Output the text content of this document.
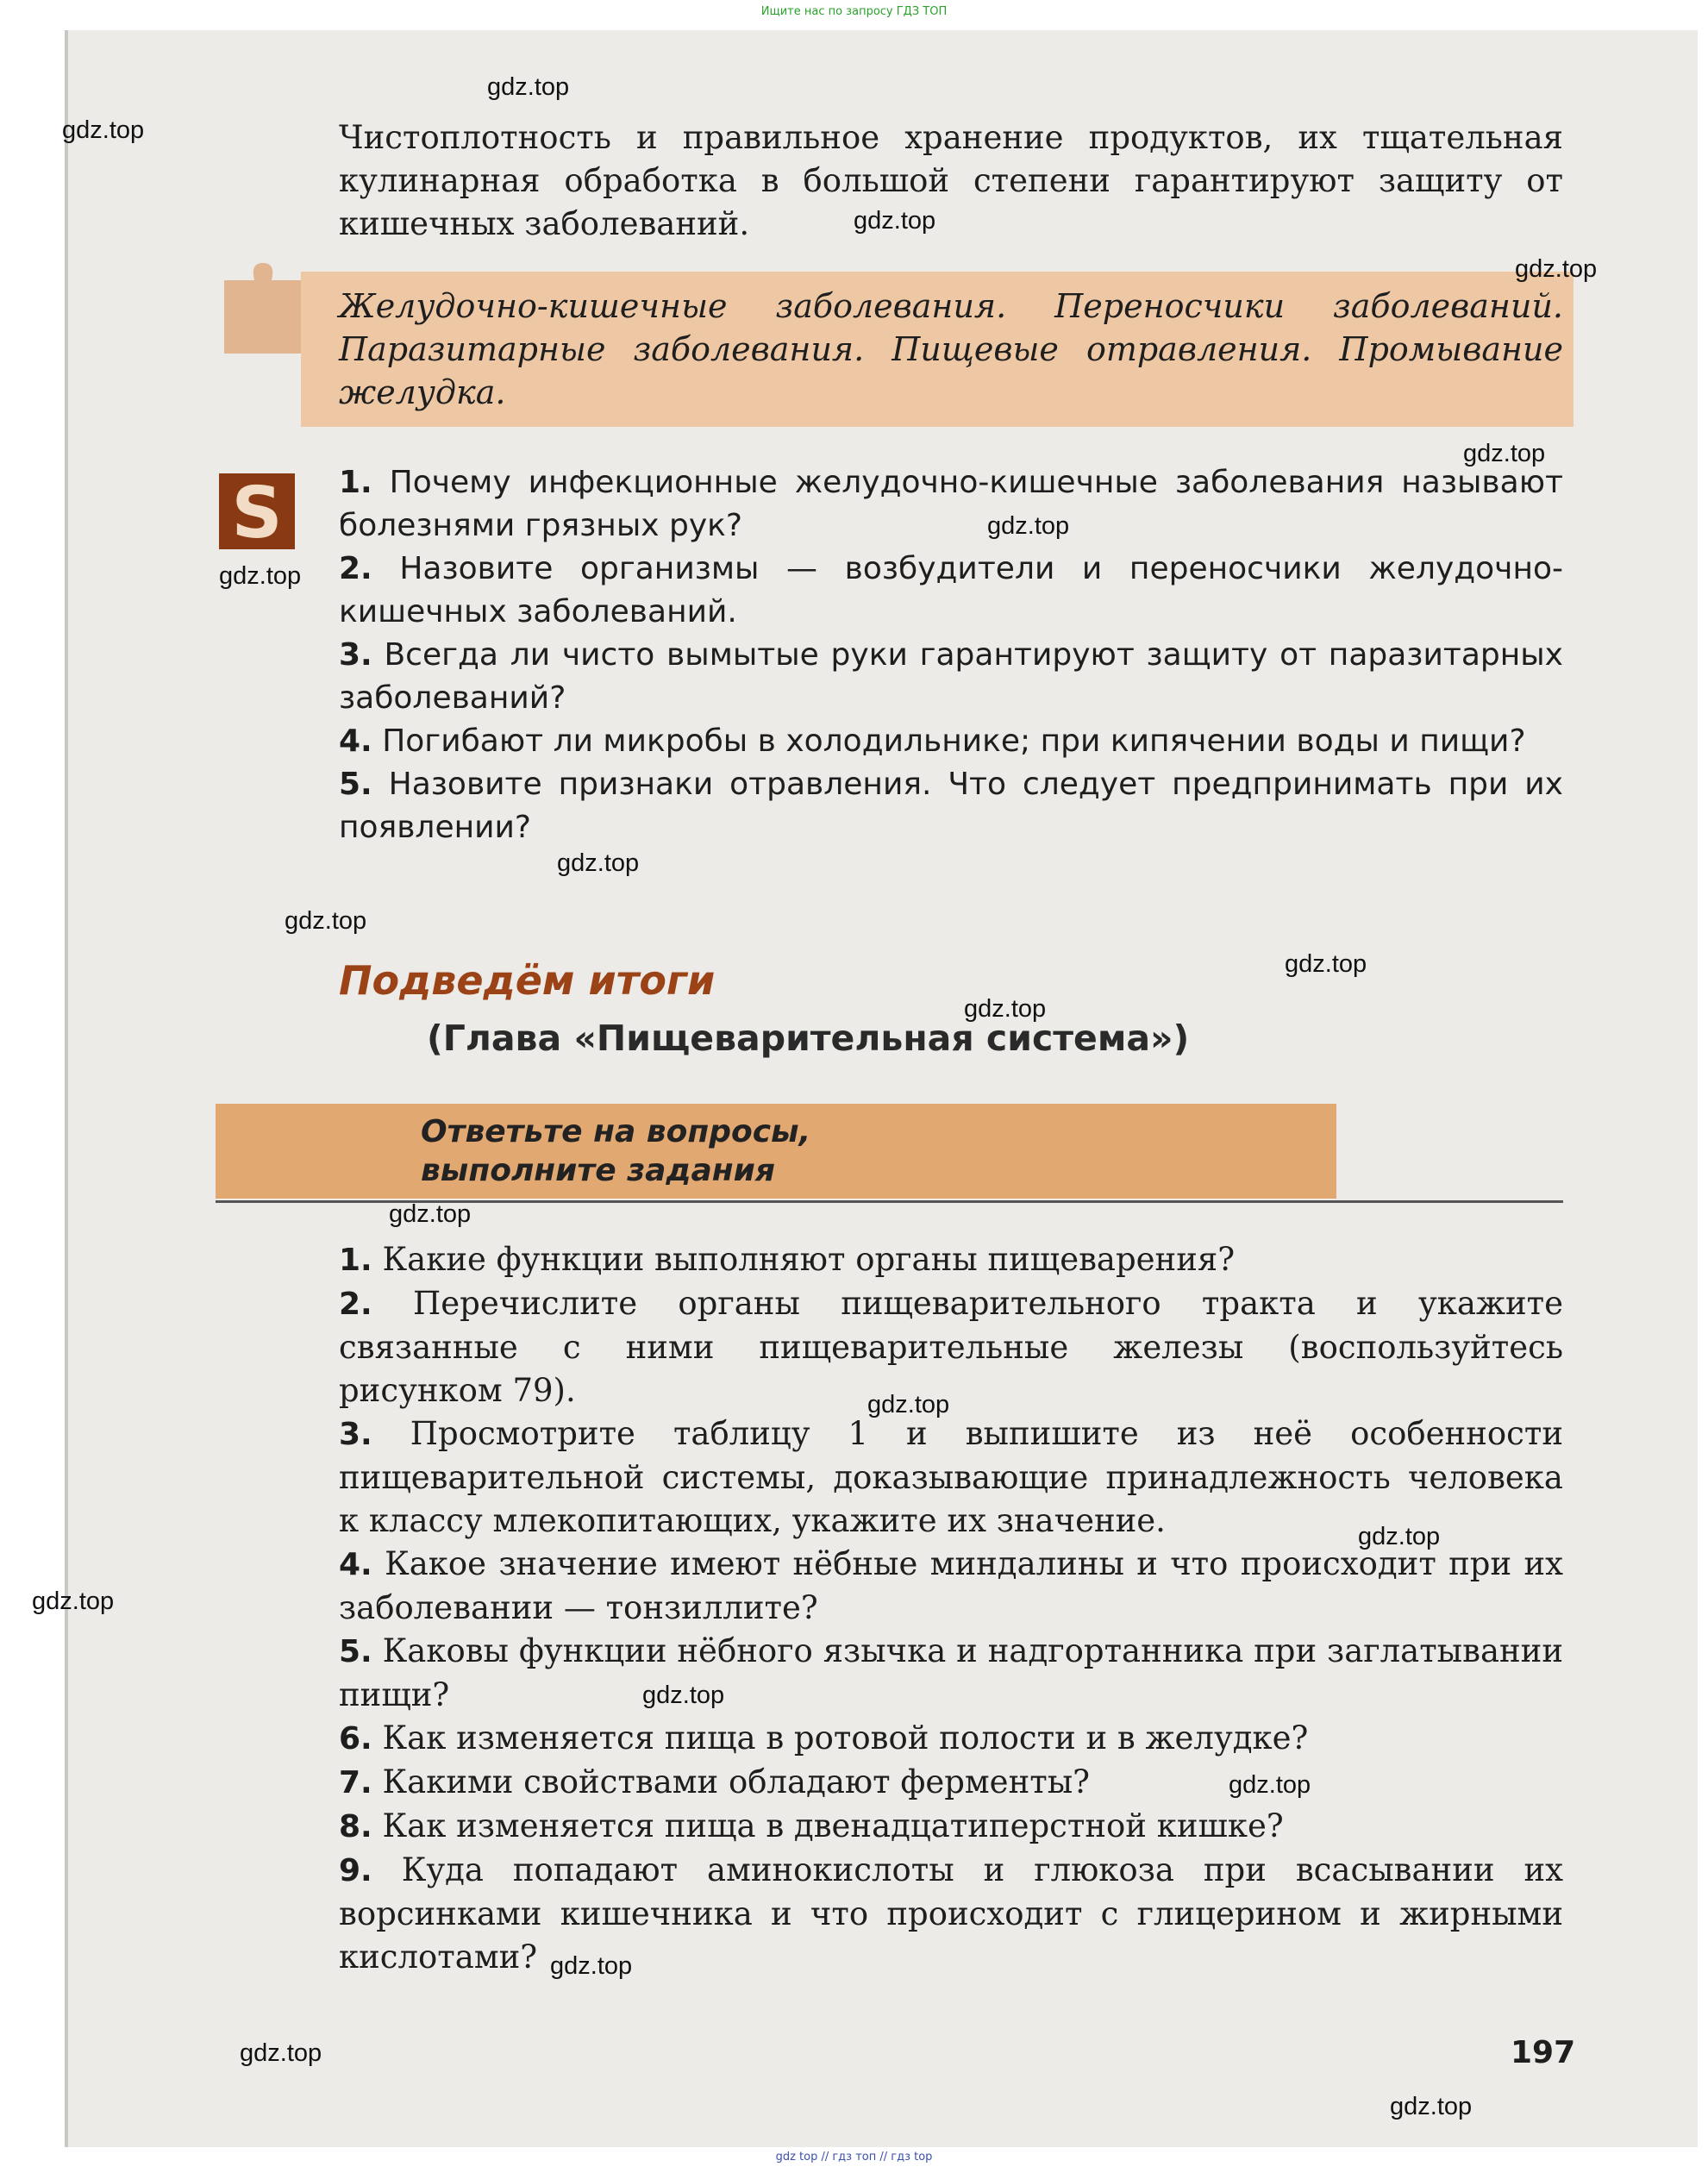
Ищите нас по запросу ГДЗ ТОП
Чистоплотность и правильное хранение продуктов, их тщательная кулинарная обработка в большой степени гарантируют защиту от кишечных заболеваний.
Желудочно-кишечные заболевания. Переносчики заболеваний. Паразитарные заболевания. Пищевые отравления. Промывание желудка.
S 1. Почему инфекционные желудочно-кишечные заболевания называют болезнями грязных рук?
2. Назовите организмы — возбудители и переносчики желудочно-кишечных заболеваний.
3. Всегда ли чисто вымытые руки гарантируют защиту от паразитарных заболеваний?
4. Погибают ли микробы в холодильнике; при кипячении воды и пищи?
5. Назовите признаки отравления. Что следует предпринимать при их появлении?
Подведём итоги
(Глава «Пищеварительная система»)
Ответьте на вопросы,
выполните задания
1. Какие функции выполняют органы пищеварения?
2. Перечислите органы пищеварительного тракта и укажите связанные с ними пищеварительные железы (воспользуйтесь рисунком 79).
3. Просмотрите таблицу 1 и выпишите из неё особенности пищеварительной системы, доказывающие принадлежность человека к классу млекопитающих, укажите их значение.
4. Какое значение имеют нёбные миндалины и что происходит при их заболевании — тонзиллите?
5. Каковы функции нёбного язычка и надгортанника при заглатывании пищи?
6. Как изменяется пища в ротовой полости и в желудке?
7. Какими свойствами обладают ферменты?
8. Как изменяется пища в двенадцатиперстной кишке?
9. Куда попадают аминокислоты и глюкоза при всасывании их ворсинками кишечника и что происходит с глицерином и жирными кислотами?
197
gdz.top
gdz.top
gdz.top
gdz.top
gdz.top
gdz.top
gdz.top
gdz.top
gdz.top
gdz.top
gdz.top
gdz.top
gdz.top
gdz.top
gdz.top
gdz.top
gdz.top
gdz.top
gdz.top
gdz.top
gdz top // гдз топ // гдз top
